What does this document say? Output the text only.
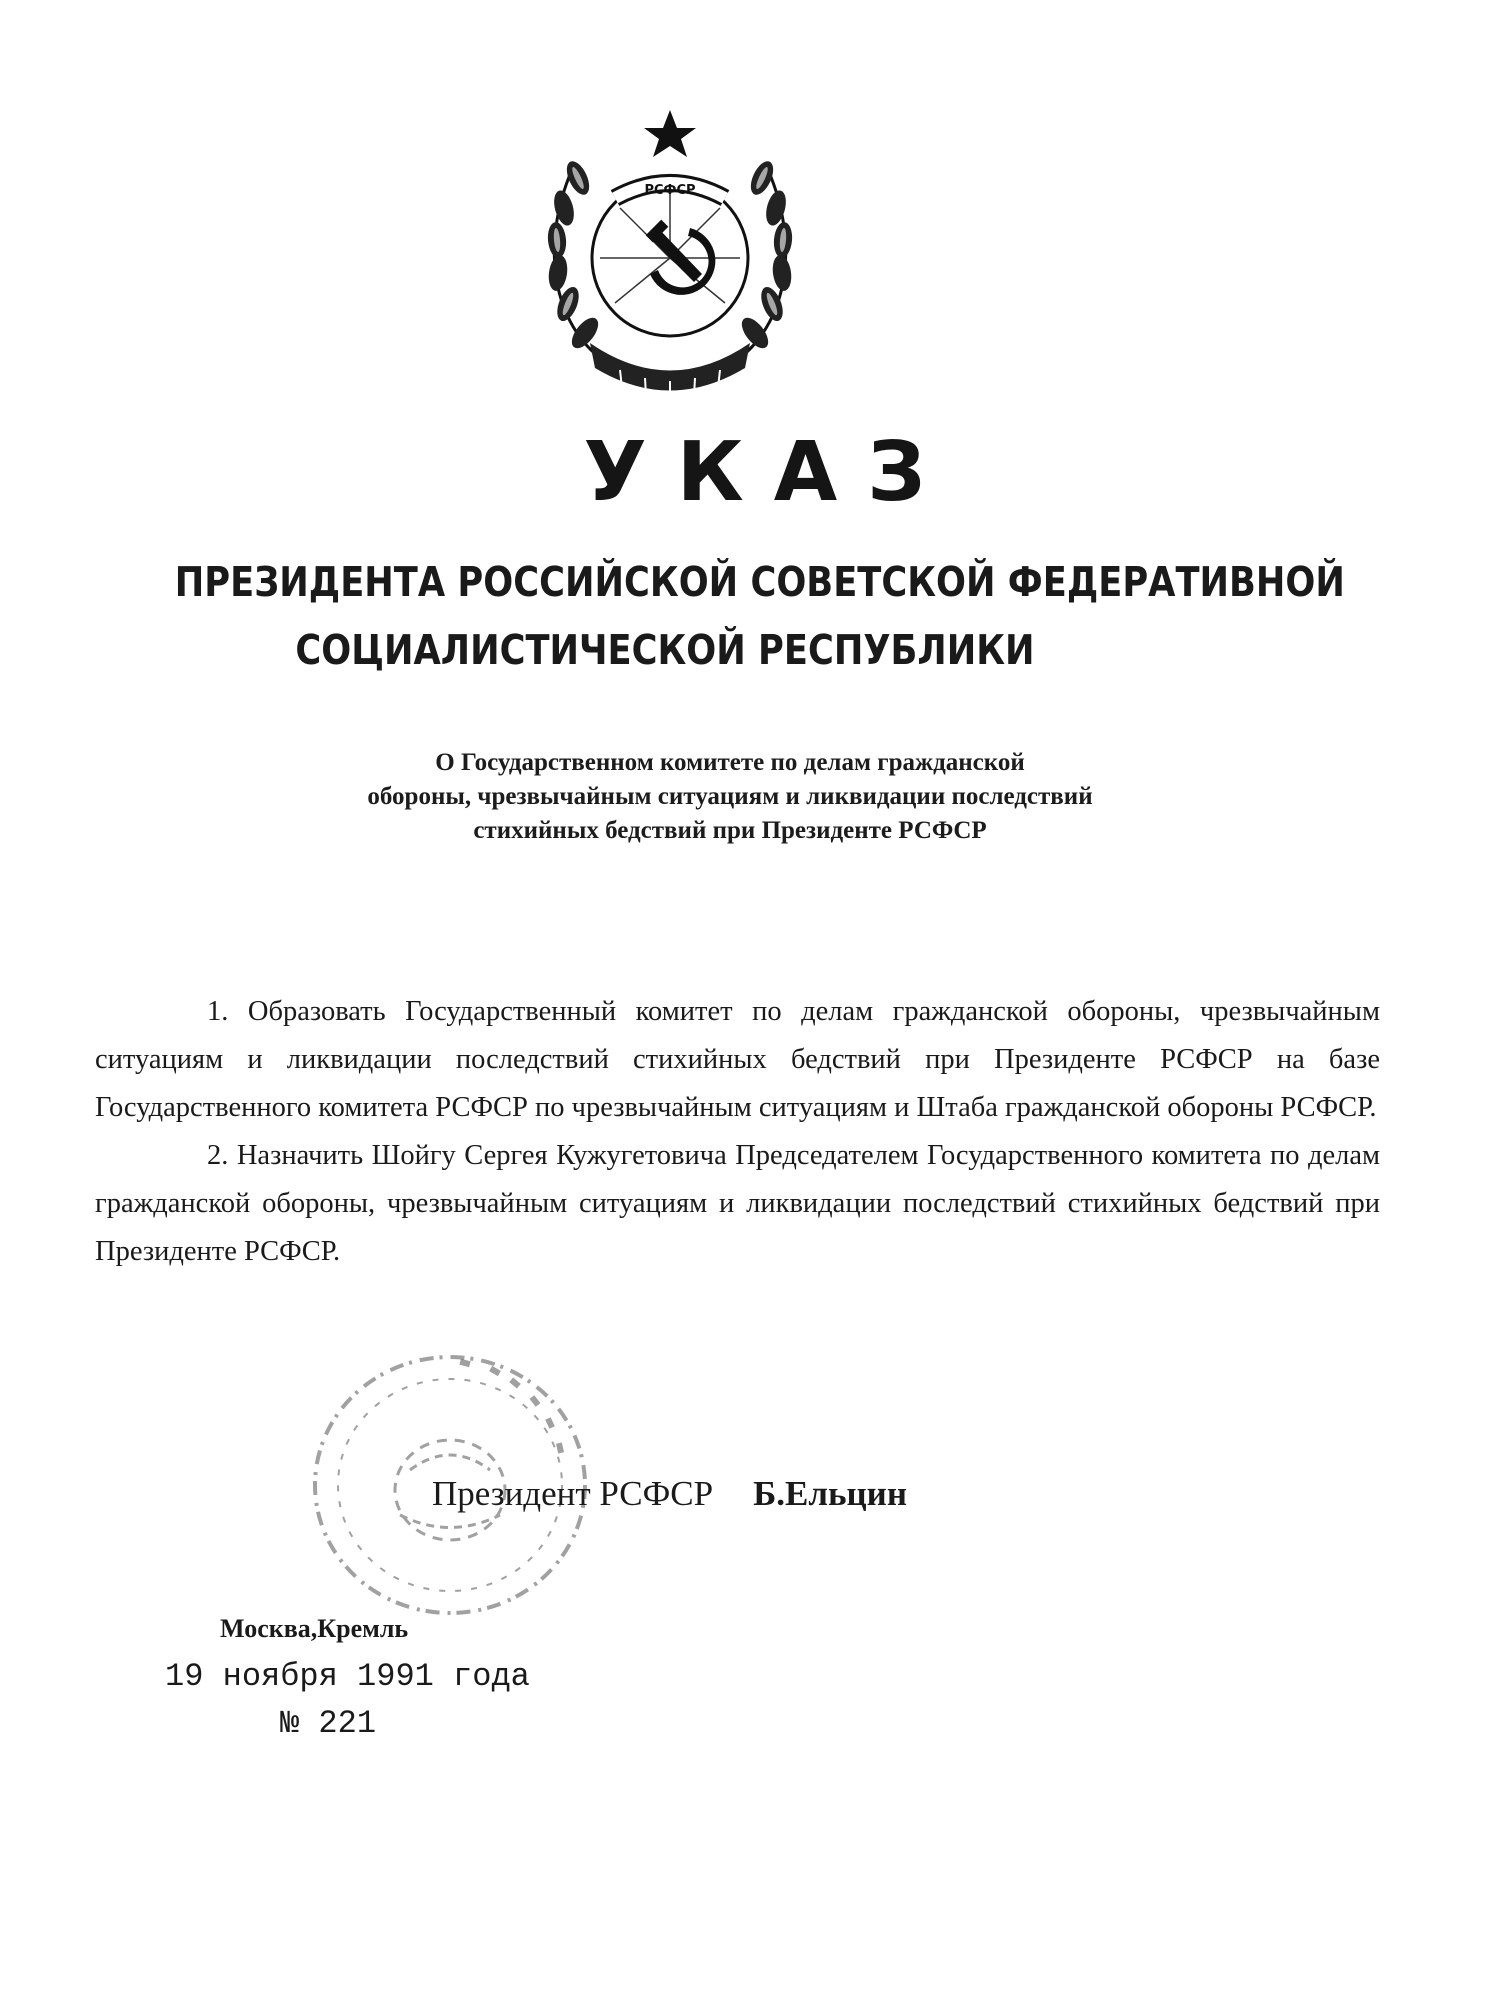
РСФСР
УКАЗ
ПРЕЗИДЕНТА РОССИЙСКОЙ СОВЕТСКОЙ ФЕДЕРАТИВНОЙ
СОЦИАЛИСТИЧЕСКОЙ РЕСПУБЛИКИ
О Государственном комитете по делам гражданской
обороны, чрезвычайным ситуациям и ликвидации последствий
стихийных бедствий при Президенте РСФСР

1. Образовать Государственный комитет по делам гражданской обороны, чрезвычайным ситуациям и ликвидации последствий стихийных бедствий при Президенте РСФСР на базе Государственного комитета РСФСР по чрезвычайным ситуациям и Штаба гражданской обороны РСФСР.

2. Назначить Шойгу Сергея Кужугетовича Председателем Государственного комитета по делам гражданской обороны, чрезвычайным ситуациям и ликвидации последствий стихийных бедствий при Президенте РСФСР.

Президент РСФСР Б.Ельцин
Москва,Кремль
19 ноября 1991 года
№ 221
